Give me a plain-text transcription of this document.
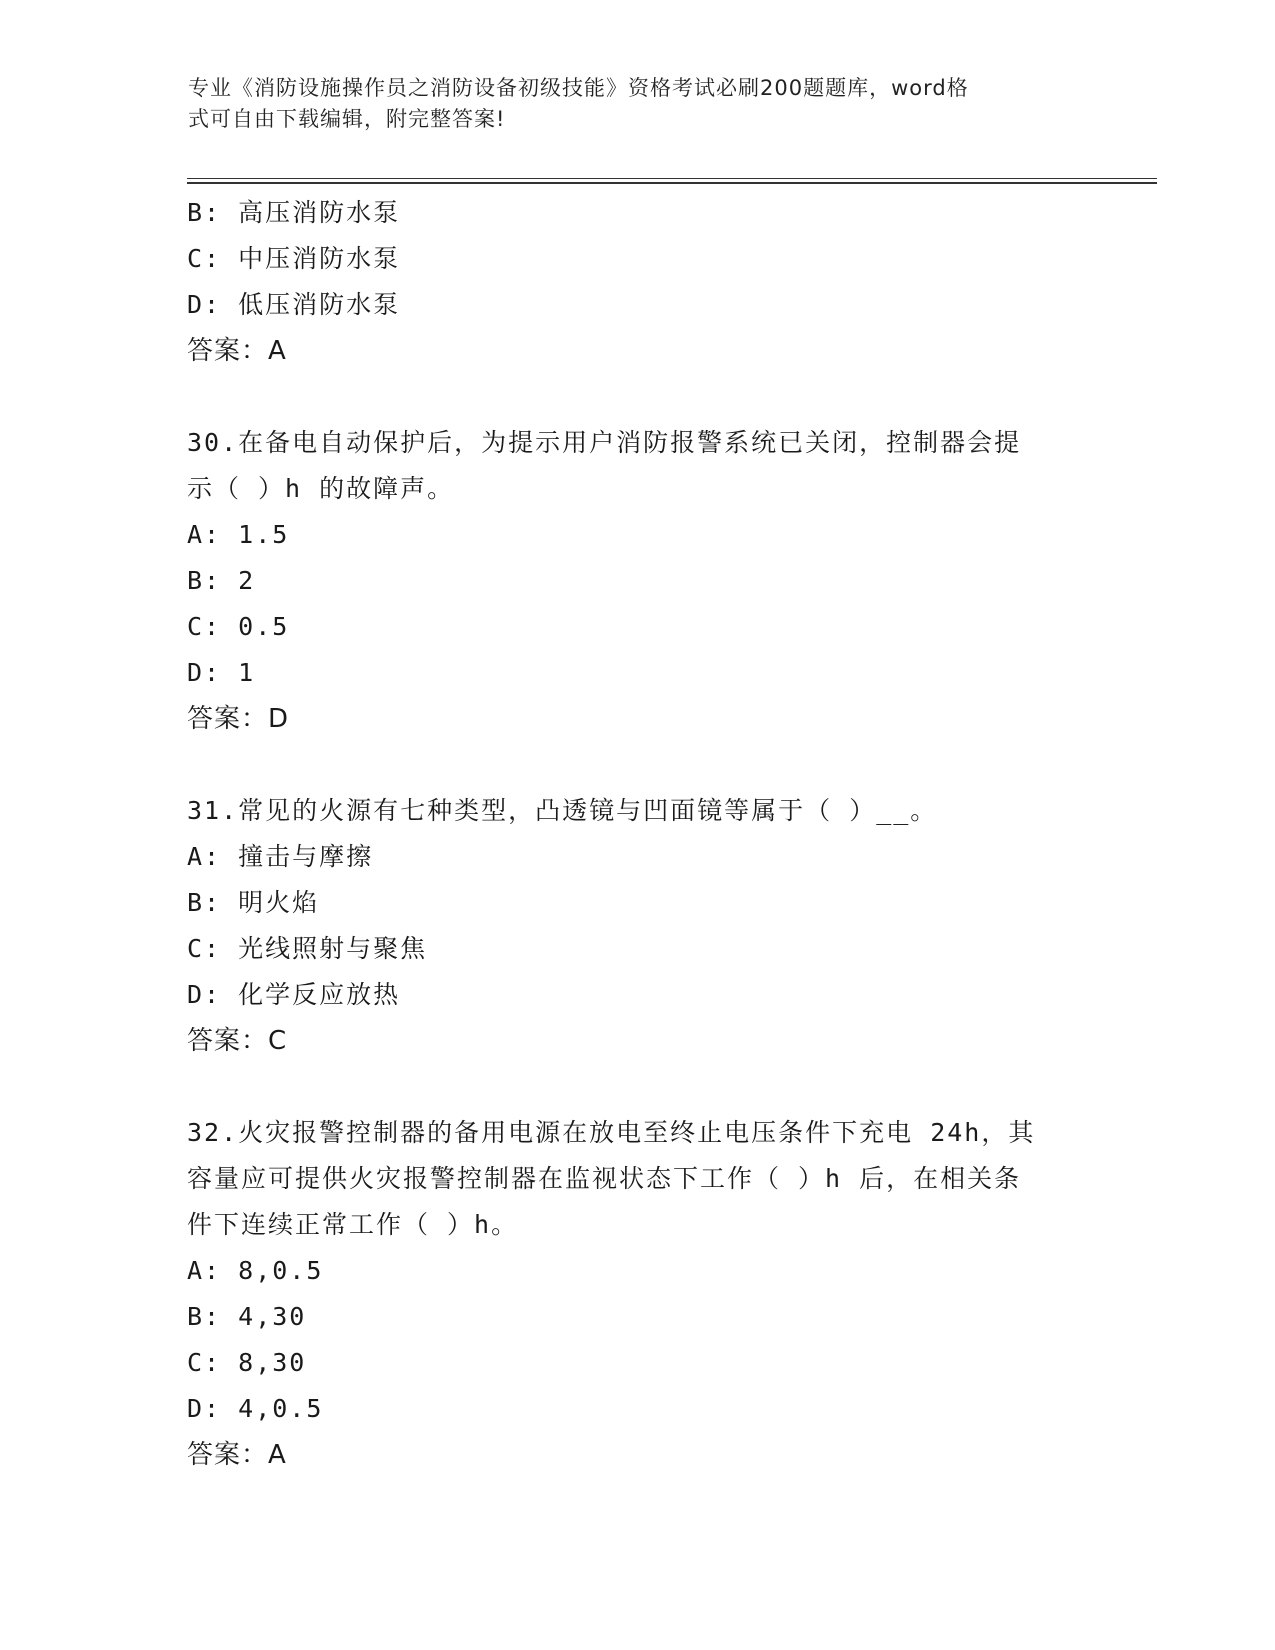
专业《消防设施操作员之消防设备初级技能》资格考试必刷200题题库，word格
式可自由下载编辑，附完整答案!
B: 高压消防水泵
C: 中压消防水泵
D: 低压消防水泵
答案：A
30.在备电自动保护后，为提示用户消防报警系统已关闭，控制器会提
示（ ）h 的故障声。
A: 1.5
B: 2
C: 0.5
D: 1
答案：D
31.常见的火源有七种类型，凸透镜与凹面镜等属于（ ）__。
A: 撞击与摩擦
B: 明火焰
C: 光线照射与聚焦
D: 化学反应放热
答案：C
32.火灾报警控制器的备用电源在放电至终止电压条件下充电 24h，其
容量应可提供火灾报警控制器在监视状态下工作（ ）h 后，在相关条
件下连续正常工作（ ）h。
A: 8,0.5
B: 4,30
C: 8,30
D: 4,0.5
答案：A
